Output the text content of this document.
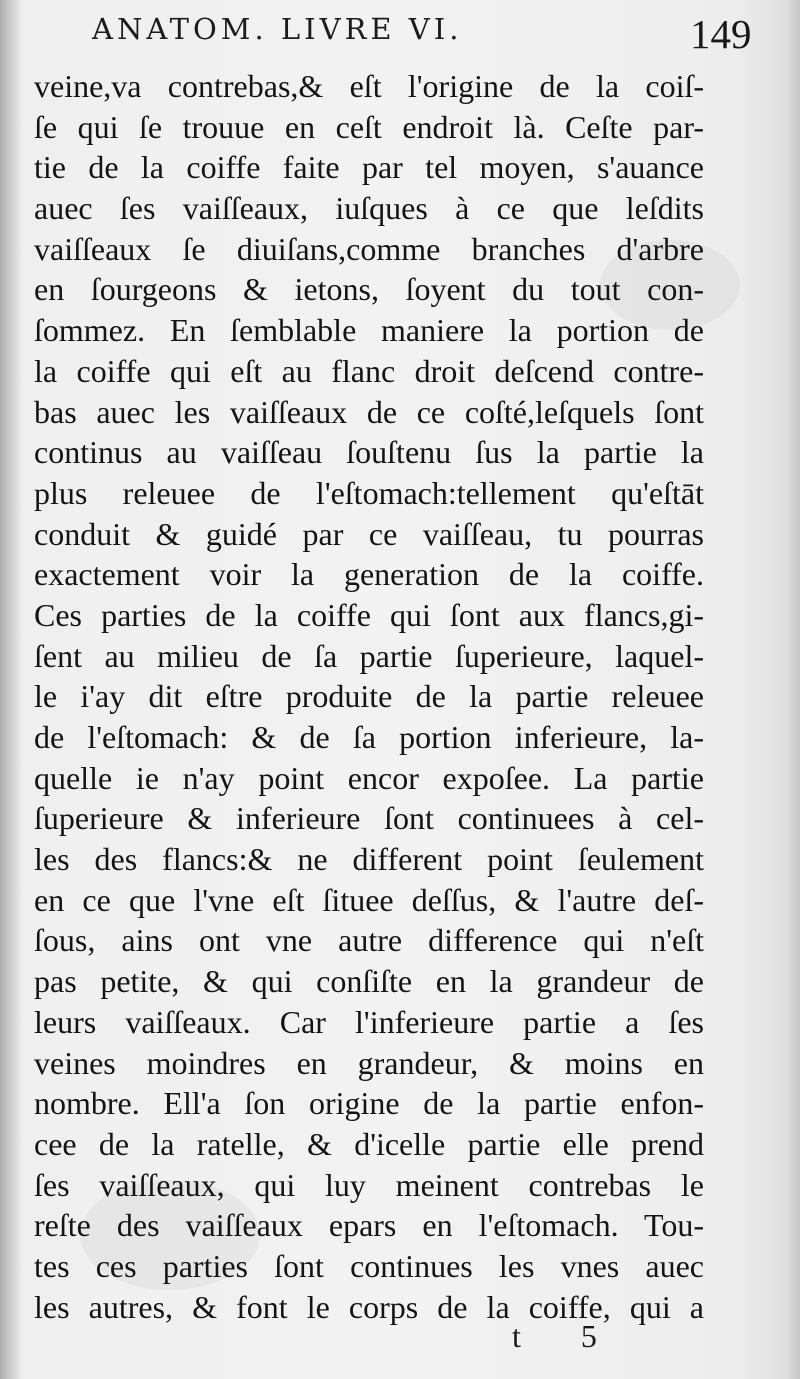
ANATOM. LIVRE VI.	149
veine,va contrebas,& eſt l'origine de la coiſ-
ſe qui ſe trouue en ceſt endroit là. Ceſte par-
tie de la coiffe faite par tel moyen, s'auance
auec ſes vaiſſeaux, iuſques à ce que leſdits
vaiſſeaux ſe diuiſans,comme branches d'arbre
en ſourgeons & ietons, ſoyent du tout con-
ſommez. En ſemblable maniere la portion de
la coiffe qui eſt au flanc droit deſcend contre-
bas auec les vaiſſeaux de ce coſté,leſquels ſont
continus au vaiſſeau ſouſtenu ſus la partie la
plus releuee de l'eſtomach:tellement qu'eſtāt
conduit & guidé par ce vaiſſeau, tu pourras
exactement voir la generation de la coiffe.
Ces parties de la coiffe qui ſont aux flancs,gi-
ſent au milieu de ſa partie ſuperieure, laquel-
le i'ay dit eſtre produite de la partie releuee
de l'eſtomach: & de ſa portion inferieure, la-
quelle ie n'ay point encor expoſee. La partie
ſuperieure & inferieure ſont continuees à cel-
les des flancs:& ne different point ſeulement
en ce que l'vne eſt ſituee deſſus, & l'autre deſ-
ſous, ains ont vne autre difference qui n'eſt
pas petite, & qui conſiſte en la grandeur de
leurs vaiſſeaux. Car l'inferieure partie a ſes
veines moindres en grandeur, & moins en
nombre. Ell'a ſon origine de la partie enfon-
cee de la ratelle, & d'icelle partie elle prend
ſes vaiſſeaux, qui luy meinent contrebas le
reſte des vaiſſeaux epars en l'eſtomach. Tou-
tes ces parties ſont continues les vnes auec
les autres, & font le corps de la coiffe, qui a
t 5
